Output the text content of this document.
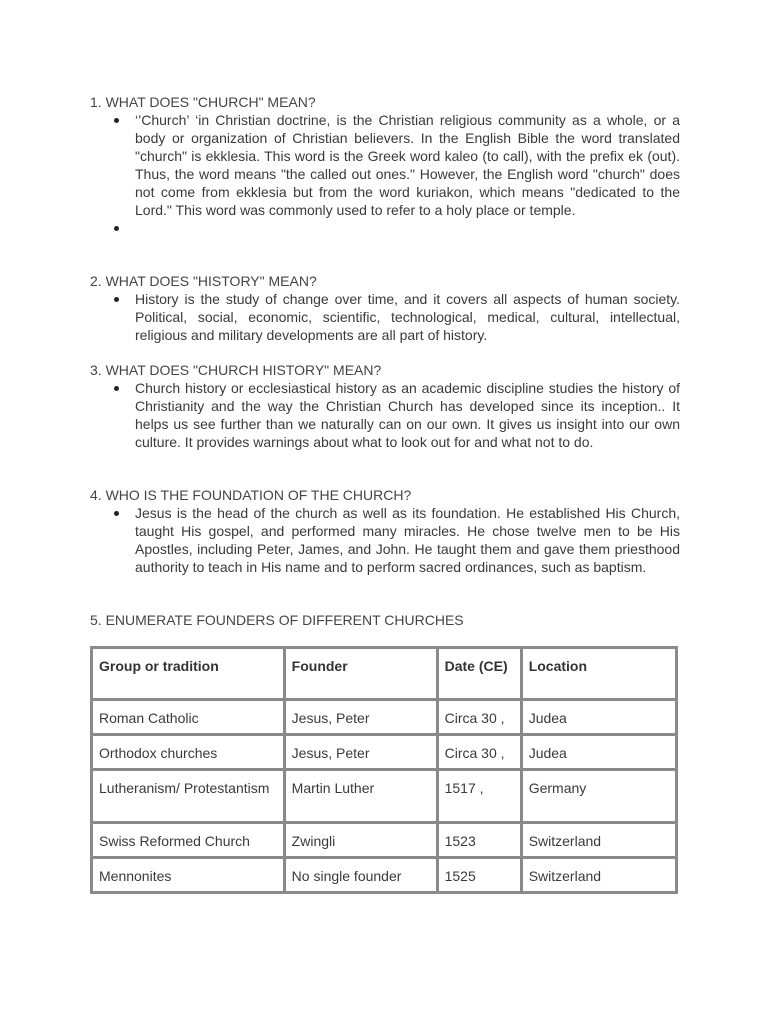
1. WHAT DOES "CHURCH" MEAN?

‘’Church’ ‘in Christian doctrine, is the Christian religious community as a whole, or a body or organization of Christian believers. In the English Bible the word translated "church" is ekklesia. This word is the Greek word kaleo (to call), with the prefix ek (out). Thus, the word means "the called out ones." However, the English word "church" does not come from ekklesia but from the word kuriakon, which means "dedicated to the Lord." This word was commonly used to refer to a holy place or temple.

2. WHAT DOES "HISTORY" MEAN?

History is the study of change over time, and it covers all aspects of human society. Political, social, economic, scientific, technological, medical, cultural, intellectual, religious and military developments are all part of history.

3. WHAT DOES "CHURCH HISTORY" MEAN?

Church history or ecclesiastical history as an academic discipline studies the history of Christianity and the way the Christian Church has developed since its inception.. It helps us see further than we naturally can on our own. It gives us insight into our own culture. It provides warnings about what to look out for and what not to do.

4. WHO IS THE FOUNDATION OF THE CHURCH?

Jesus is the head of the church as well as its foundation. He established His Church, taught His gospel, and performed many miracles. He chose twelve men to be His Apostles, including Peter, James, and John. He taught them and gave them priesthood authority to teach in His name and to perform sacred ordinances, such as baptism.

5. ENUMERATE FOUNDERS OF DIFFERENT CHURCHES

Group or tradition	Founder	Date (CE)	Location
Roman Catholic	Jesus, Peter	Circa 30 ,	Judea
Orthodox churches	Jesus, Peter	Circa 30 ,	Judea
Lutheranism/ Protestantism	Martin Luther	1517 ,	Germany
Swiss Reformed Church	Zwingli	1523	Switzerland
Mennonites	No single founder	1525	Switzerland
